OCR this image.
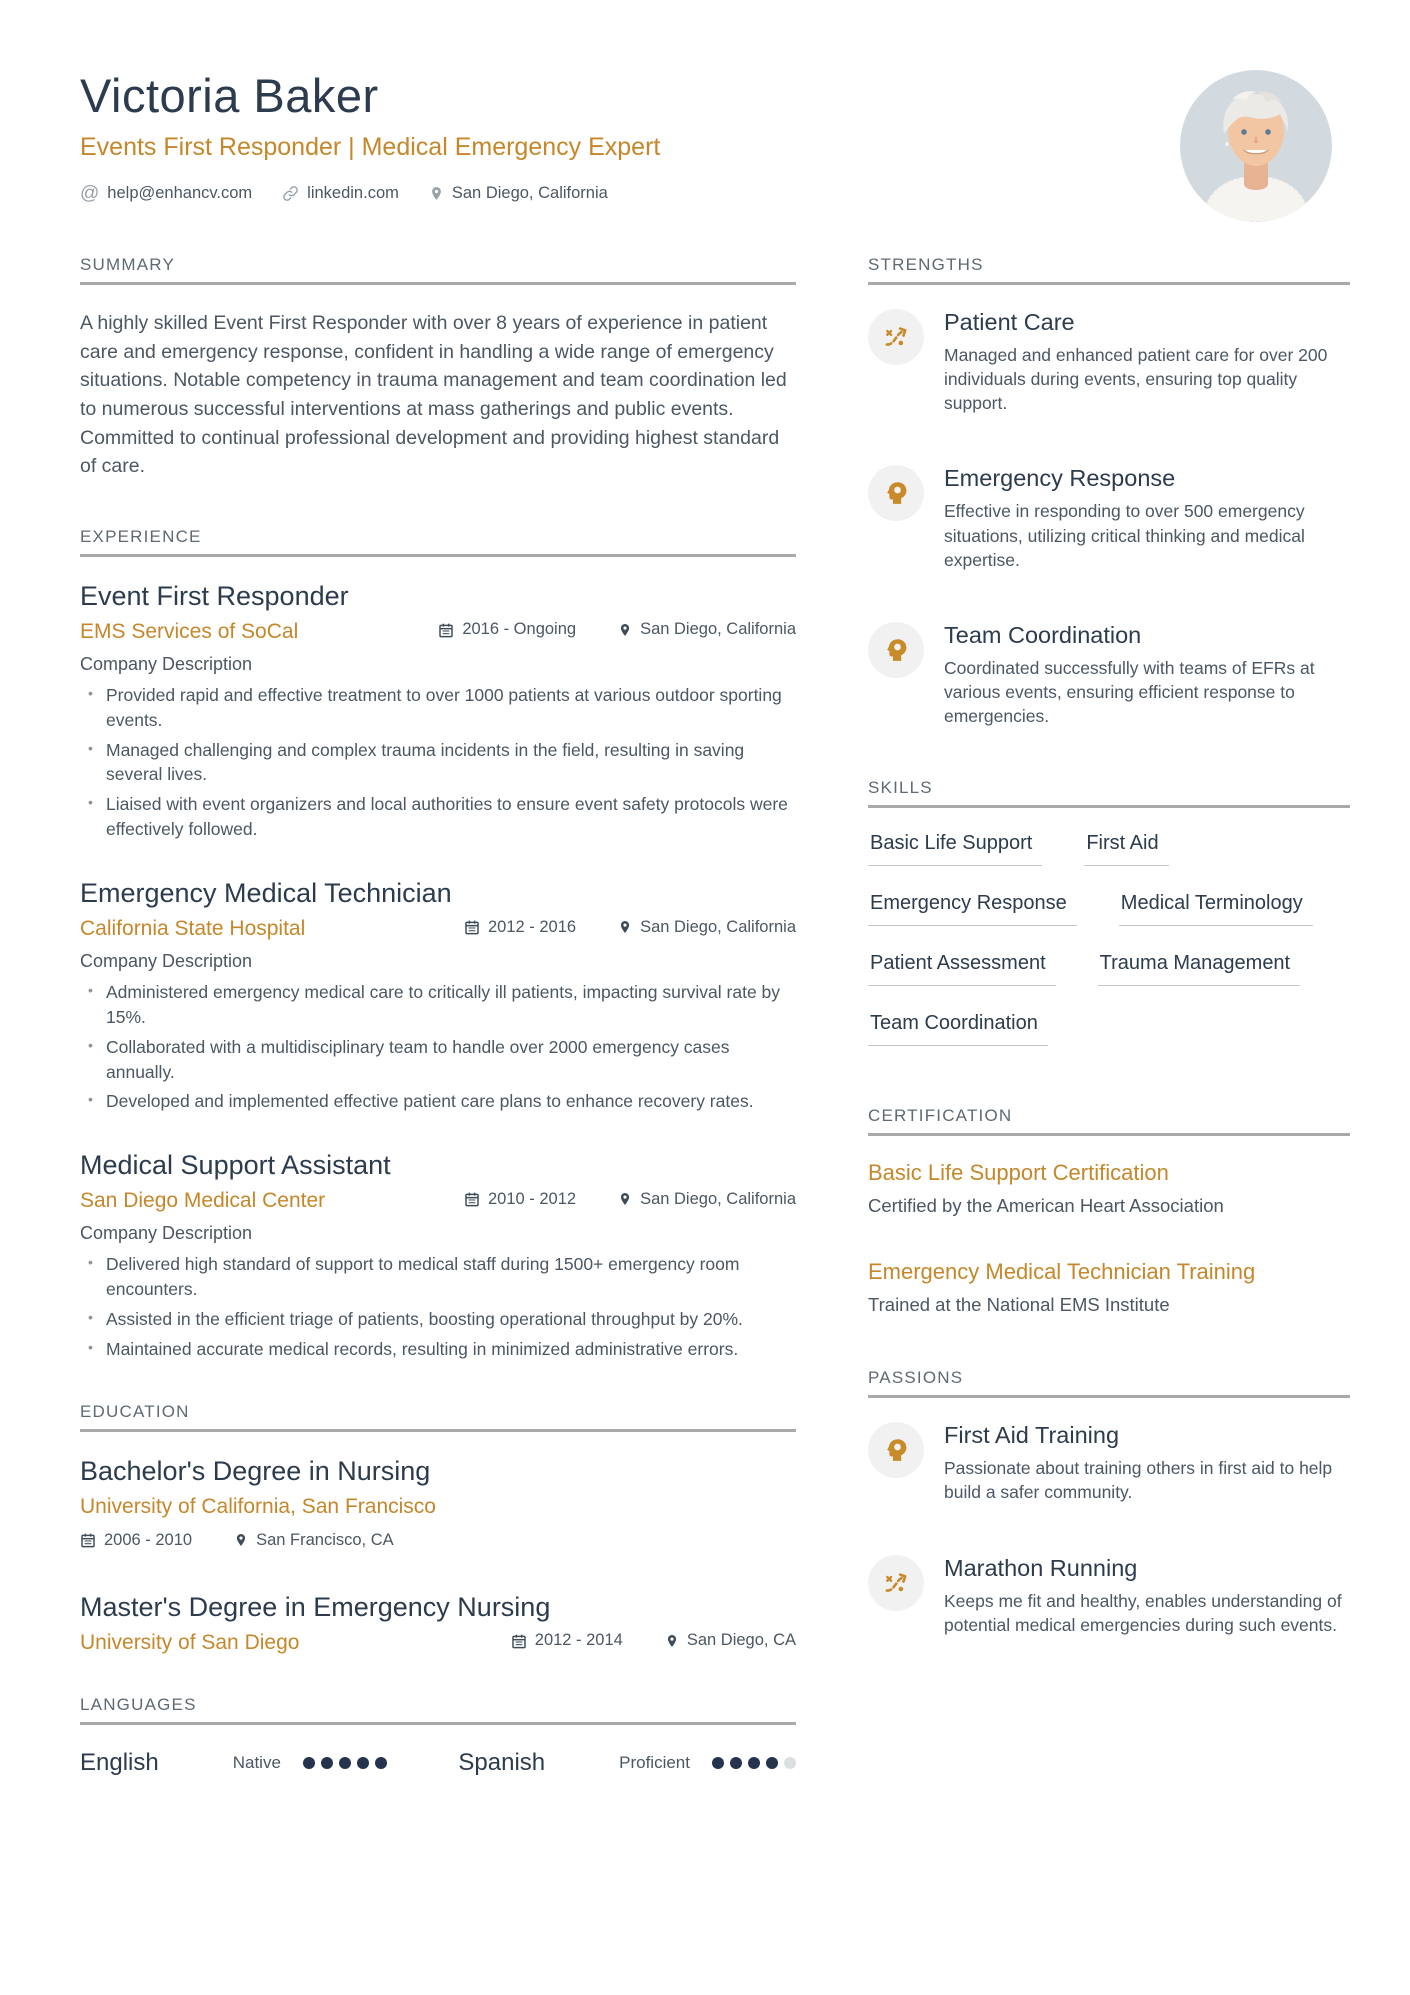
Victoria Baker
Events First Responder | Medical Emergency Expert
@ help@enhancv.com	linkedin.com	San Diego, California
SUMMARY
A highly skilled Event First Responder with over 8 years of experience in patient care and emergency response, confident in handling a wide range of emergency situations. Notable competency in trauma management and team coordination led to numerous successful interventions at mass gatherings and public events. Committed to continual professional development and providing highest standard of care.
EXPERIENCE
Event First Responder
EMS Services of SoCal	2016 - Ongoing	San Diego, California
Company Description
• Provided rapid and effective treatment to over 1000 patients at various outdoor sporting events.
• Managed challenging and complex trauma incidents in the field, resulting in saving several lives.
• Liaised with event organizers and local authorities to ensure event safety protocols were effectively followed.
Emergency Medical Technician
California State Hospital	2012 - 2016	San Diego, California
Company Description
• Administered emergency medical care to critically ill patients, impacting survival rate by 15%.
• Collaborated with a multidisciplinary team to handle over 2000 emergency cases annually.
• Developed and implemented effective patient care plans to enhance recovery rates.
Medical Support Assistant
San Diego Medical Center	2010 - 2012	San Diego, California
Company Description
• Delivered high standard of support to medical staff during 1500+ emergency room encounters.
• Assisted in the efficient triage of patients, boosting operational throughput by 20%.
• Maintained accurate medical records, resulting in minimized administrative errors.
EDUCATION
Bachelor's Degree in Nursing
University of California, San Francisco
2006 - 2010	San Francisco, CA
Master's Degree in Emergency Nursing
University of San Diego	2012 - 2014	San Diego, CA
LANGUAGES
English	Native	Spanish	Proficient
STRENGTHS
Patient Care
Managed and enhanced patient care for over 200 individuals during events, ensuring top quality support.
Emergency Response
Effective in responding to over 500 emergency situations, utilizing critical thinking and medical expertise.
Team Coordination
Coordinated successfully with teams of EFRs at various events, ensuring efficient response to emergencies.
SKILLS
Basic Life Support	First Aid
Emergency Response	Medical Terminology
Patient Assessment	Trauma Management
Team Coordination
CERTIFICATION
Basic Life Support Certification
Certified by the American Heart Association
Emergency Medical Technician Training
Trained at the National EMS Institute
PASSIONS
First Aid Training
Passionate about training others in first aid to help build a safer community.
Marathon Running
Keeps me fit and healthy, enables understanding of potential medical emergencies during such events.
